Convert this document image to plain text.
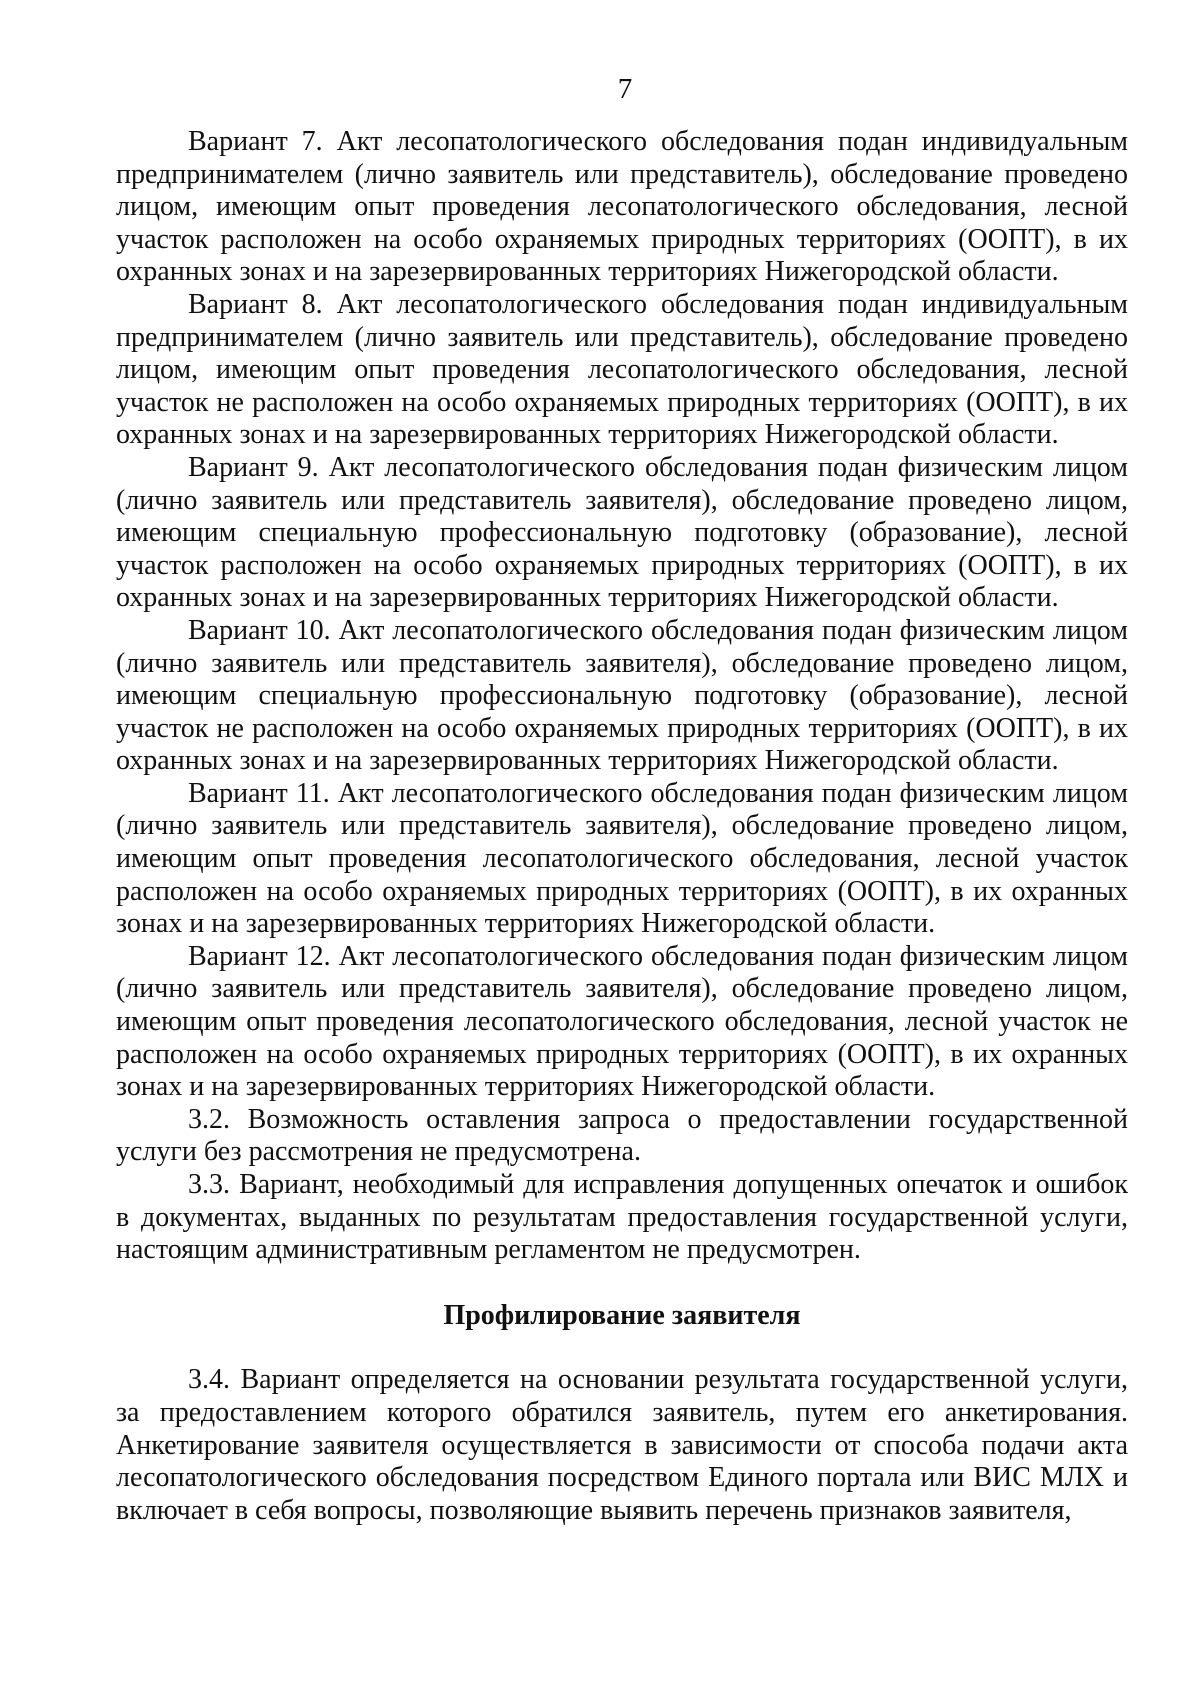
7

Вариант 7. Акт лесопатологического обследования подан индивидуальным предпринимателем (лично заявитель или представитель), обследование проведено лицом, имеющим опыт проведения лесопатологического обследования, лесной участок расположен на особо охраняемых природных территориях (ООПТ), в их охранных зонах и на зарезервированных территориях Нижегородской области.

Вариант 8. Акт лесопатологического обследования подан индивидуальным предпринимателем (лично заявитель или представитель), обследование проведено лицом, имеющим опыт проведения лесопатологического обследования, лесной участок не расположен на особо охраняемых природных территориях (ООПТ), в их охранных зонах и на зарезервированных территориях Нижегородской области.

Вариант 9. Акт лесопатологического обследования подан физическим лицом (лично заявитель или представитель заявителя), обследование проведено лицом, имеющим специальную профессиональную подготовку (образование), лесной участок расположен на особо охраняемых природных территориях (ООПТ), в их охранных зонах и на зарезервированных территориях Нижегородской области.

Вариант 10. Акт лесопатологического обследования подан физическим лицом (лично заявитель или представитель заявителя), обследование проведено лицом, имеющим специальную профессиональную подготовку (образование), лесной участок не расположен на особо охраняемых природных территориях (ООПТ), в их охранных зонах и на зарезервированных территориях Нижегородской области.

Вариант 11. Акт лесопатологического обследования подан физическим лицом (лично заявитель или представитель заявителя), обследование проведено лицом, имеющим опыт проведения лесопатологического обследования, лесной участок расположен на особо охраняемых природных территориях (ООПТ), в их охранных зонах и на зарезервированных территориях Нижегородской области.

Вариант 12. Акт лесопатологического обследования подан физическим лицом (лично заявитель или представитель заявителя), обследование проведено лицом, имеющим опыт проведения лесопатологического обследования, лесной участок не расположен на особо охраняемых природных территориях (ООПТ), в их охранных зонах и на зарезервированных территориях Нижегородской области.

3.2. Возможность оставления запроса о предоставлении государственной услуги без рассмотрения не предусмотрена.

3.3. Вариант, необходимый для исправления допущенных опечаток и ошибок в документах, выданных по результатам предоставления государственной услуги, настоящим административным регламентом не предусмотрен.

Профилирование заявителя

3.4. Вариант определяется на основании результата государственной услуги, за предоставлением которого обратился заявитель, путем его анкетирования. Анкетирование заявителя осуществляется в зависимости от способа подачи акта лесопатологического обследования посредством Единого портала или ВИС МЛХ и включает в себя вопросы, позволяющие выявить перечень признаков заявителя,
